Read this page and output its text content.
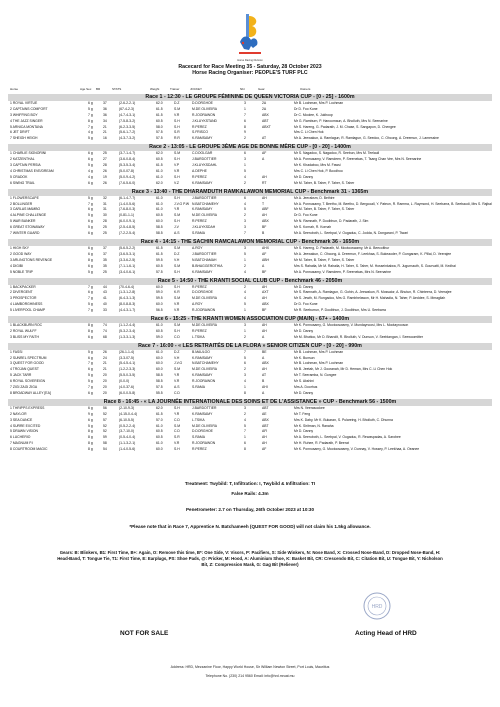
Horse Racing Division
Racecard for Race Meeting 35 - Saturday, 28 October 2023
Horse Racing Organiser: PEOPLE'S TURF PLC
Horse	Age Sex BR	STATS	Weight	Trainer	JOCKEY	Nbr	Gear	Owners
Race 1 - 12:30 - LE GROUPE FÉMININE DE QUEEN VICTORIA CUP - [0 - 25] - 1600m
1 ROYAL VIRTUE	6 g	37	(2-6-2-2-1)	62.0	D.Z	D.DORGHOE	3	2A	Mr B. Lochman, Mrs P. Lochman
2 CAPTAINS COMFORT	5 g	36	(67-4-2-3)	61.5	S.M	M.DE OLIVEIRA	1	2A	Dr D. Foo Kune
3 WHIFFING BOY	7 g	36	(4-7-4-3-1)	61.5	V.R	R.JOORAWON	7	ABX	Dr C. Moolee, K. Jukhoop
4 THE JAZZ SINGER	8 g	34	(7-5-8-3-2)	60.5	S.H	J.KLUYKSTAND	6	ABT	Mr G. Ramburn, P. Hanoomaun, A. Bholluth, Mrs N. Seenarine
5 ARNICA MONTANA	7 g	21	(6-2-3-3-5)	58.0	S.H	R.PEREZ	8	ABXT	Mr S. Hareng, G. Padarath, J. M. Chase, S. Sangapon, D. Chengee
6 JET DRIFT	4 g	21	(5-6-1-7-2)	57.5	S.R	S.FRISCO	9	Mrs C. Li Chen Hok
7 SHEIGH HEIGH	5 g	16	(4-3-7-3-2)	57.5	R.R	K.RAMSAMY	2	AT	Mr A. Jeewakun, A. Ramlagun, R. Ramlagun, G. Seedoo, C. Ohcong, A. Dreemun, J. Lamessine
Race 2 - 13:05 - LE GROUPE 3ÈME AGE DE BONNE MÈRE CUP - [0 - 20] - 1400m
1 CHARLIE SIGNORINI	6 g	25	(3-7-1-4-7)	62.0	S.M	C.DOOLGAR	6	AF	Mr S. Nagadoo, S. Nagadoo, R. Seebun, Mrs M. Teelaull
2 KATZENTHAL	6 g	27	(3-6-0-8-4)	60.5	S.H	J.BARDOTTIER	3	A	Mr A. Ponnusamy, V. Ramdeen, P. Sreenekas, T. Tsang Chan Vee, Mrs N. Seenarine
3 CAPTAIN PERSIA	5 g	28	(5-3-5-3-4)	61.5	V.P	J.KLUYKSDAHL	1	Mr K. Khadaboo, Mrs M. Fawsi
4 CHRISTMAS EVE/DREAM	4 g	26	(5-0-07-8)	61.0	V.R	A.DEPHE	5	Mrs C. Li Chen Hok, P. Boodhoo
5 CRADOK	4 g	19	(5-0-9-4-2)	61.0	S.H	R.PEREZ	4	AH	Mr D. Danny
6 SWING TRAIL	6 g	26	(7-6-5-6-0)	62.0	V.Z	K.RAMSAMY	2	RT	Mr M. Taher, B. Taher, F. Taher, S. Taher
Race 3 - 13:40 - THE DHARAMDUTH RAMKALAWON MEMORIAL CUP - Benchmark 31 - 1365m
1 FLOWERSCAPE	5 g	32	(6-1-4-7-7)	61.0	S.H	J.BARDOTTIER	6	AH	Mr A. Jeeraksm, D. Bethire
2 BOLLINGER	7 g	31	(1-4-0-5-6)	61.0	J.V.G P.W N.BATCHAMEHY	4	T	Mr A. Ponnusamy, T. Beetho, M. Beetho, D. Bergooall, Y. Pateun, R. Ramma, L. Raymond, H. Seebarra, B. Seebaudi, Mrs S. Rajbal
3 CARLAS MAMBO	6 g	31	(7-6-8-0-3)	61.0	Y.R	K.RAMSAMY	5	ABF	Mr M. Taher, B. Taher, F. Taher, S. Taher
4 ALPINE CHALLENGE	5 g	30	(0-81-1-1)	60.5	S.M	M.DE OLIVEIRA	2	AH	Dr D. Foo Kune
5 WAR BANKER	6 g	28	(6-0-0-9-1)	60.0	S.H	R.PEREZ	3	ABX	Mr N. Ramnath, P. Doolbhun, D. Padarath, J. Sim
6 GREAT STOWAWAY	5 g	25	(2-5-4-8-5)	58.5	J.V	J.KLUYKSDAH	3	BF	Mr S. Kornah, R. Kornah
7 WINTER GUARD	6 g	25	(7-2-2-5-4)	58.5	A.S	S.RAMA	7	B	Mr A. Seeruboth, L. Seebpal, V. Ougaduu, C. Jodda, N. Dongarani, P. Tiwari
Race 4 - 14:15 - THE SACHIN RAMCALAWON MEMORIAL CUP - Benchmark 36 - 1650m
1 HIGH SKY	6 g	37	(5-6-5-2-2)	61.5	S.M	A.ROY	3	AHX	Mr S. Hareng, D. Padarath, M. Mootooswamy, Mr A. Beecolthur
2 GOOD WAY	6 g	37	(3-6-5-3-1)	61.5	D.Z	J.BARDOTTIER	5	AF	Mr A. Jeewakun, C. Ohcong, A. Dreemun, F. Leekhaa, S. Bukeaoder, P. Gungaram, K. Pillai, D. Veerajee
3 ARLINGTONS REVENGE	8 g	35	(3-3-6-2-5)	59.5	V.H	N.BATCHAMAH	1	ABH	Mr M. Taher, B. Taher, F. Taher, S. Taher
4 DIGIBI	6 g	35	(7-1-1-6-1)	60.5	S.M	B.BHAGGEROTHIA	2	A	Mrs S. Rahatla, Mr M. Rahaila, H. Taher, S. Taher, M. Hosseinkalwa, R. Jugurnauth, S. Gourvatti, M. Kedhai
5 NOBLE TRIP	5 g	25	(3-4-0-6-1)	57.5	S.H	K.RAMSAMY	4	BF	Mr A. Ponnusamy, V. Ramdeen, P. Sreenekas, Mrs N. Seenarine
Race 5 - 14:50 - THE KRANTI SOCIAL CLUB CUP - Benchmark 46 - 2050m
1 BACKPACKER	7 g	44	(70-4-6-4)	60.0	S.H	R.PEREZ	2	AH	Mr D. Danny
2 DIVERGENT	6 g	43	(1-3-1-2-8)	59.0	K.R	D.DORGHOE	4	AXT	Mr S. Ramnath, A. Ramlagun, G. Gohin, A. Jeewakun, R. Mossaior, A. Bhutun, R. Chinteera, D. Veerajee
3 PROSPECTOR	7 g	41	(6-4-3-1-3)	59.5	S.M	M.DE OLIVEIRA	4	AH	Mr S. Jewth, M. Rungadoo, Mrs G. Rambhelawon, Mr H. Mahadia, N. Taher, P. Aeddee, S. Mmagliah
4 LAMBORGHINESS	5 g	40	(8-0-8-8-3)	60.0	V.R	A.ROY	5	ABX	Dr D. Foo Kune
5 LIVERPOOL CHAMP	7 g	33	(4-4-3-1-7)	56.5	V.R	R.JOORAWON	1	BF	Mr R. Seeburrun, P. Doolbhun, J. Doolbhun, Mrs U. Seebarra
Race 6 - 15:25 - THE KRANTI WOMEN ASSOCIATION CUP (MAIN) - 67+ - 1400m
1 BLACKBURN ROC	8 g	74	(1-1-2-4-4)	61.0	S.M	M.DE OLIVEIRA	3	AH	Mr K. Ponnusamy, G. Mootooswamy, V. Mundaynoosi, Mrs L. Mootayrooson
2 ROYAL WULFF	8 g	74	(5-3-2-3-4)	60.5	S.H	R.PEREZ	1	AH	Mr D. Danny
3 BLISS MY FAITH	6 g	68	(1-3-3-1-3)	59.0	C.D	L.TSIKA	2	A	Mr M. Bhuttoo, Mr D. Bhandit, R. Bholluth, V. Dunsun, V. Seeblangan, I. Seewoomitter
Race 7 - 16:00 - « LES RETRAITÉS DE LA FLORA » SENIOR CITIZEN CUP - [0 - 20] - 990m
1 FASSI	5 g	26	(26-1-1-4)	61.0	D.Z	B.MAULOO	7	BE	Mr B. Lochman, Mrs P. Lochman
2 SUNREL SPECTRUM	6 g	24	(3-3-07-5)	60.0	V.H	K.RAMSAMY	5	A	Mr K. Bunsun
3 QUEST FOR GOOD	7 g	21	(5-4-5-4-1)	60.0	J.V.G	N.BATCHAMEHY	6	ABX	Mr B. Lochman, Mrs P. Lochman
4 TROJAN QUEST	6 g	21	(1-2-2-3-3)	60.0	S.M	M.DE OLIVEIRA	2	AH	Mr B. Jeetah, Mr J. Gooranah, Mr D. Heman, Mrs C. Li Chen Hok
5 JACK TARR	5 g	20	(5-5-0-3-5)	58.5	Y.R	K.RAMSAMY	3	AT	Mr T. Seeramba, N. Gongee
6 ROYAL SOVEREIGN	5 g	20	(0-0-0)	58.5	V.R	R.JOORAWON	4	B	Mr S. Akshini
7 ZIGI ZAGI ZIGA	7 g	20	(4-0-37-6)	57.5	A.S	S.RAMA	1	AHI	Mrs A. Doorhus
8 BROADWAY ALLEY [EA]	6 g	20	(6-0-0-5-8)	55.5	C.D	8	A	Mr D. Danny
Race 8 - 16:45 - « LA JOURNÉE INTERNATIONALE DES SOINS ET DE L'ASSISTANCE » CUP - Benchmark 56 - 1500m
1 THRIPPS EXPRESS	6 g	56	(2-10-9-3)	62.0	S.H	J.BARDOTTIER	3	ABT	Mrs N. Veerasookee
2 NAYLOR	9 g	52	(4-15-0-4-4)	61.5	Y.R	K.RAMSAMY	2	AE	Mr T. Feng
3 SEA DANCE	6 g	57	(6-10-5-5)	57.0	C.D	L.TSIKA	4	ABX	Mrs K. Daby, Mr K. Bukaran, S. Pulareing, H. Bholluth, C. Dhunna
4 SURRE EXCITED	5 g	52	(0-5-2-2-4)	61.0	S.M	M.DE OLIVEIRA	5	ABT	Mr K. Siritman, N. Ranaha
5 DRAWN VISION	8 g	52	(3-7-10-0)	60.5	C.D	D.DORGHOE	7	AFI	Mr D. Danny
6 LUCHERIO	8 g	59	(0-5-4-0-4)	60.5	S.R	S.RAMA	1	AH	Mr A. Seeruboth, L. Seebpal, V. Ougaduu, R. Rewaspadas, A. Sarobee
7 MAGNUM P.I	8 g	58	(1-1-3-2-1)	61.0	V.R	R.JOORAWON	6	AH	Mr H. Ruhee, R. Padarath, P. Beerat
8 COURTROOM MAGIC	8 g	54	(1-4-0-5-6)	60.0	S.H	R.PEREZ	8	AF	Mr K. Ponnusamy, G. Mootooswamy, V. Dunnay, V. Hossey, P. Leekhaa, A. Oeanee
Treatment: Twybild: T, Infiltration: I, Twybild & Infiltration: TI
False Rails: 4.3m
Penetrometer: 2.7 on Thursday, 26th October 2023 at 10:30
*Please note that in Race 7, Apprentice N. Batchameeh (QUEST FOR GOOD) will not claim his 1.5kg allowance.
Gears: B: Blinkers, B1: First Time, B+: Again, O: Remove this time, B*: One Side, V: Visors, P: Pacifiers, S: Side Winkers, N: Nose Band, X: Crossed Nose-Band, D: Dropped Nose-Band, H: Head-Band, T: Tongue Tie, T1: First Time, E: Earplugs, PS: Shoe Pads, @: Pricker, M: Hood, A: Aluminium Shoe, K: Basket Bit, CR: Crescendo Bit, C: Citation Bit, U: Tongue Bit, Y: Nicholson Bit, Z: Compression Mask, G: Gag Bit (Reliever)
HRD
NOT FOR SALE	Acting Head of HRD
Address: HRD, Mezzanine Floor, Happy World House, Sir William Newton Street, Port Louis, Mauritius
Telephone No. (230) 214 9560 Email: info@hrd.mruat.mu
